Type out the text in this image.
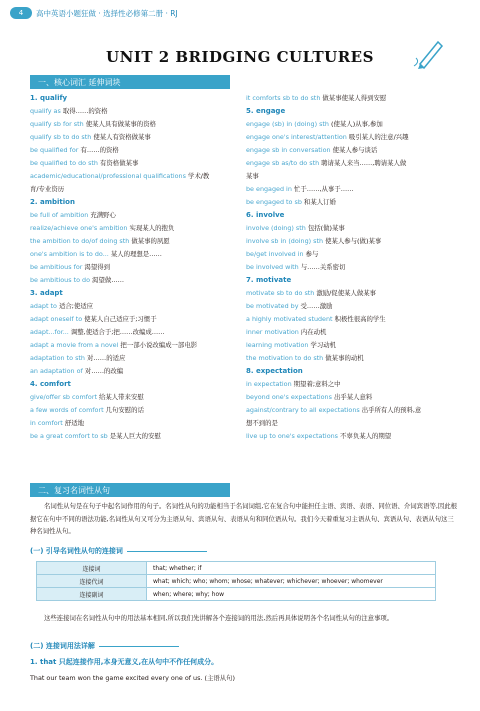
4	高中英语小题狂做 · 选择性必修第二册 · RJ
UNIT 2 BRIDGING CULTURES
一、核心词汇 延伸词块
1. qualify
qualify as 取得……的资格
qualify sb for sth 使某人具有做某事的资格
qualify sb to do sth 使某人有资格做某事
be qualified for 有……的资格
be qualified to do sth 有资格做某事
academic/educational/professional qualifications 学术/教
育/专业资历
2. ambition
be full of ambition 充满野心
realize/achieve one's ambition 实现某人的抱负
the ambition to do/of doing sth 做某事的夙愿
one's ambition is to do... 某人的理想是……
be ambitious for 渴望得到
be ambitious to do 渴望做……
3. adapt
adapt to 适合;使适应
adapt oneself to 使某人自己适应于;习惯于
adapt...for... 调整,使适合于;把……改编成……
adapt a movie from a novel 把一部小说改编成一部电影
adaptation to sth 对……的适应
an adaptation of 对……的改编
4. comfort
give/offer sb comfort 给某人带来安慰
a few words of comfort 几句安慰的话
in comfort 舒适地
be a great comfort to sb 是某人巨大的安慰
it comforts sb to do sth 做某事使某人得到安慰
5. engage
engage (sb) in (doing) sth (使某人)从事,参加
engage one's interest/attention 吸引某人的注意/兴趣
engage sb in conversation 使某人参与谈话
engage sb as/to do sth 聘请某人来当……,聘请某人做
某事
be engaged in 忙于……,从事于……
be engaged to sb 和某人订婚
6. involve
involve (doing) sth 包括(做)某事
involve sb in (doing) sth 使某人参与(做)某事
be/get involved in 参与
be involved with 与……关系密切
7. motivate
motivate sb to do sth 激励/促使某人做某事
be motivated by 受……激励
a highly motivated student 积极性很高的学生
inner motivation 内在动机
learning motivation 学习动机
the motivation to do sth 做某事的动机
8. expectation
in expectation 期望着;意料之中
beyond one's expectations 出乎某人意料
against/contrary to all expectations 出乎所有人的预料,意
想不到的是
live up to one's expectations 不辜负某人的期望
二、复习名词性从句
名词性从句是在句子中起名词作用的句子。名词性从句的功能相当于名词词组,它在复合句中能担任主语、宾语、表语、同位语、介词宾语等,因此根据它在句中不同的语法功能,名词性从句又可分为主语从句、宾语从句、表语从句和同位语从句。我们今天着重复习主语从句、宾语从句、表语从句这三种名词性从句。
(一) 引导名词性从句的连接词
连接词	that; whether; if
连接代词	what; which; who; whom; whose; whatever; whichever; whoever; whomever
连接副词	when; where; why; how
这些连接词在名词性从句中的用法基本相同,所以我们先讲解各个连接词的用法,然后再具体说明各个名词性从句的注意事项。
(二) 连接词用法详解
1. that 只起连接作用,本身无意义,在从句中不作任何成分。
That our team won the game excited every one of us. (主语从句)
